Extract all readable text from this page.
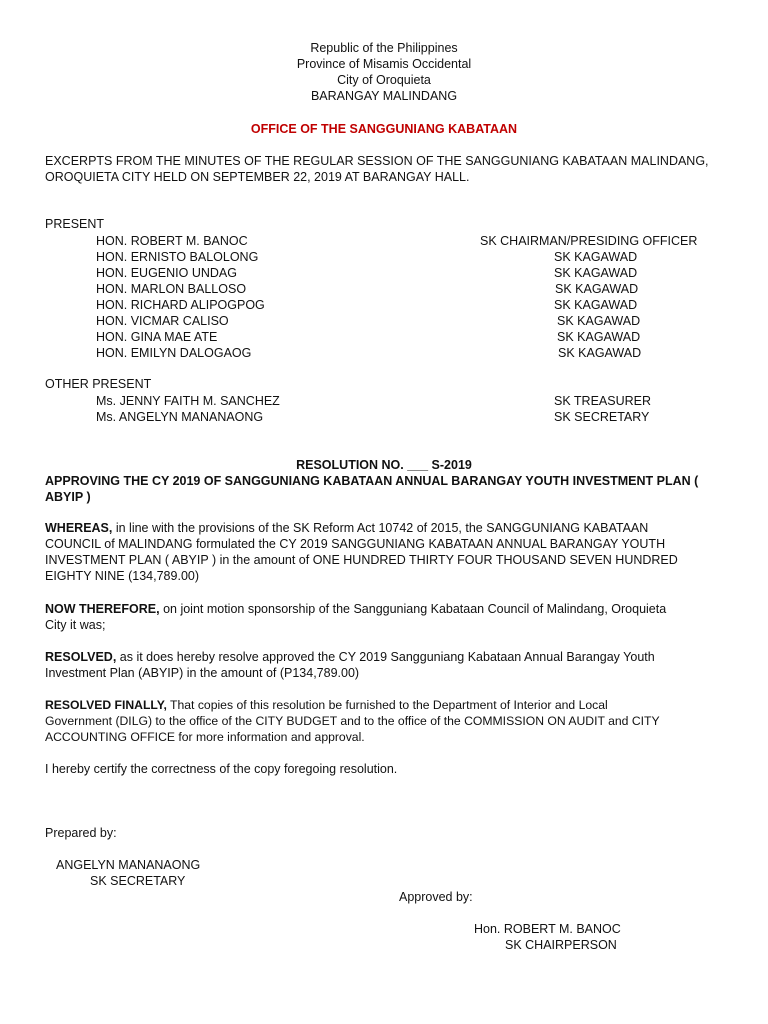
Republic of the Philippines
Province of Misamis Occidental
City of Oroquieta
BARANGAY MALINDANG
OFFICE OF THE SANGGUNIANG KABATAAN
EXCERPTS FROM THE MINUTES OF THE REGULAR SESSION OF THE SANGGUNIANG KABATAAN MALINDANG,
OROQUIETA CITY HELD ON SEPTEMBER 22, 2019 AT BARANGAY HALL.
PRESENT
HON. ROBERT M. BANOC	SK CHAIRMAN/PRESIDING OFFICER
HON. ERNISTO BALOLONG	SK KAGAWAD
HON. EUGENIO UNDAG	SK KAGAWAD
HON. MARLON BALLOSO	SK KAGAWAD
HON. RICHARD ALIPOGPOG	SK KAGAWAD
HON. VICMAR CALISO	SK KAGAWAD
HON. GINA MAE ATE	SK KAGAWAD
HON. EMILYN DALOGAOG	SK KAGAWAD
OTHER PRESENT
Ms. JENNY FAITH M. SANCHEZ	SK TREASURER
Ms. ANGELYN MANANAONG	SK SECRETARY
RESOLUTION NO. ___ S-2019
APPROVING THE CY 2019 OF SANGGUNIANG KABATAAN ANNUAL BARANGAY YOUTH INVESTMENT PLAN (
ABYIP )
WHEREAS, in line with the provisions of the SK Reform Act 10742 of 2015, the SANGGUNIANG KABATAAN
COUNCIL of MALINDANG formulated the CY 2019 SANGGUNIANG KABATAAN ANNUAL BARANGAY YOUTH
INVESTMENT PLAN ( ABYIP ) in the amount of ONE HUNDRED THIRTY FOUR THOUSAND SEVEN HUNDRED
EIGHTY NINE (134,789.00)
NOW THEREFORE, on joint motion sponsorship of the Sangguniang Kabataan Council of Malindang, Oroquieta
City it was;
RESOLVED, as it does hereby resolve approved the CY 2019 Sangguniang Kabataan Annual Barangay Youth
Investment Plan (ABYIP) in the amount of (P134,789.00)
RESOLVED FINALLY, That copies of this resolution be furnished to the Department of Interior and Local
Government (DILG) to the office of the CITY BUDGET and to the office of the COMMISSION ON AUDIT and CITY
ACCOUNTING OFFICE for more information and approval.
I hereby certify the correctness of the copy foregoing resolution.
Prepared by:
ANGELYN MANANAONG
SK SECRETARY
Approved by:
Hon. ROBERT M. BANOC
SK CHAIRPERSON
